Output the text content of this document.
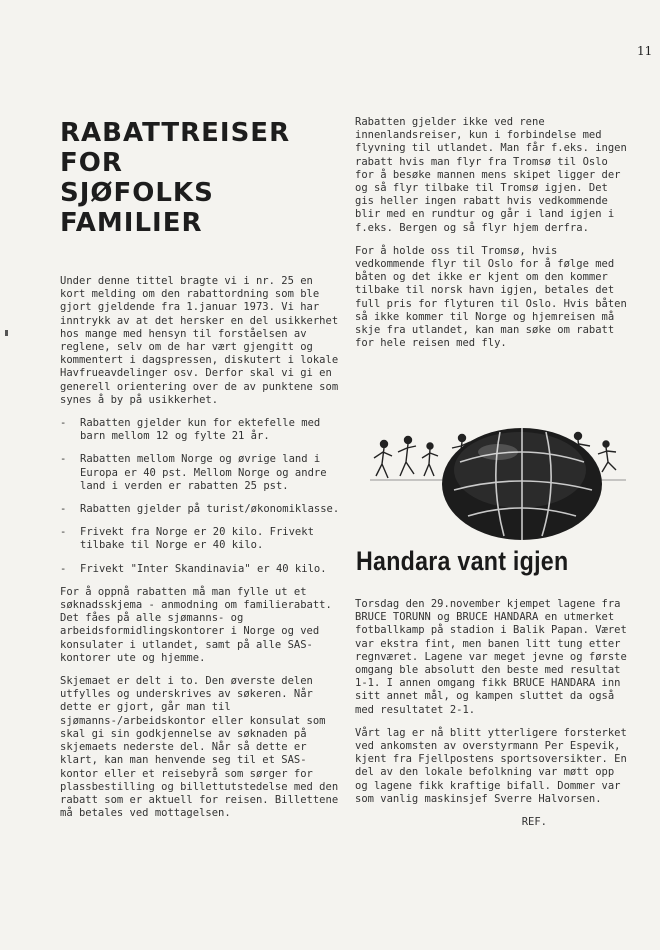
11
RABATTREISER
FOR
SJØFOLKS
FAMILIER

Under denne tittel bragte vi i nr. 25 en kort melding om den rabattordning som ble gjort gjeldende fra 1.januar 1973. Vi har inntrykk av at det hersker en del usikkerhet hos mange med hensyn til forståelsen av reglene, selv om de har vært gjengitt og kommentert i dagspressen, diskutert i lokale Havfrueavdelinger osv. Derfor skal vi gi en generell orientering over de av punktene som synes å by på usikkerhet.

- Rabatten gjelder kun for ektefelle med barn mellom 12 og fylte 21 år.
- Rabatten mellom Norge og øvrige land i Europa er 40 pst. Mellom Norge og andre land i verden er rabatten 25 pst.
- Rabatten gjelder på turist/økonomiklasse.
- Frivekt fra Norge er 20 kilo. Frivekt tilbake til Norge er 40 kilo.
- Frivekt "Inter Skandinavia" er 40 kilo.

For å oppnå rabatten må man fylle ut et søknadsskjema - anmodning om familierabatt. Det fåes på alle sjømanns- og arbeidsformidlingskontorer i Norge og ved konsulater i utlandet, samt på alle SAS-kontorer ute og hjemme.

Skjemaet er delt i to. Den øverste delen utfylles og underskrives av søkeren. Når dette er gjort, går man til sjømanns-/arbeidskontor eller konsulat som skal gi sin godkjennelse av søknaden på skjemaets nederste del. Når så dette er klart, kan man henvende seg til et SAS-kontor eller et reisebyrå som sørger for plassbestilling og billettutstedelse med den rabatt som er aktuell for reisen. Billettene må betales ved mottagelsen.

Rabatten gjelder ikke ved rene innenlandsreiser, kun i forbindelse med flyvning til utlandet. Man får f.eks. ingen rabatt hvis man flyr fra Tromsø til Oslo for å besøke mannen mens skipet ligger der og så flyr tilbake til Tromsø igjen. Det gis heller ingen rabatt hvis vedkommende blir med en rundtur og går i land igjen i f.eks. Bergen og så flyr hjem derfra.

For å holde oss til Tromsø, hvis vedkommende flyr til Oslo for å følge med båten og det ikke er kjent om den kommer tilbake til norsk havn igjen, betales det full pris for flyturen til Oslo. Hvis båten så ikke kommer til Norge og hjemreisen må skje fra utlandet, kan man søke om rabatt for hele reisen med fly.

Handara vant igjen

Torsdag den 29.november kjempet lagene fra BRUCE TORUNN og BRUCE HANDARA en utmerket fotballkamp på stadion i Balik Papan. Været var ekstra fint, men banen litt tung etter regnværet. Lagene var meget jevne og første omgang ble absolutt den beste med resultat 1-1. I annen omgang fikk BRUCE HANDARA inn sitt annet mål, og kampen sluttet da også med resultatet 2-1.

Vårt lag er nå blitt ytterligere forsterket ved ankomsten av overstyrmann Per Espevik, kjent fra Fjellpostens sportsoversikter. En del av den lokale befolkning var møtt opp og lagene fikk kraftige bifall. Dommer var som vanlig maskinsjef Sverre Halvorsen.

REF.
